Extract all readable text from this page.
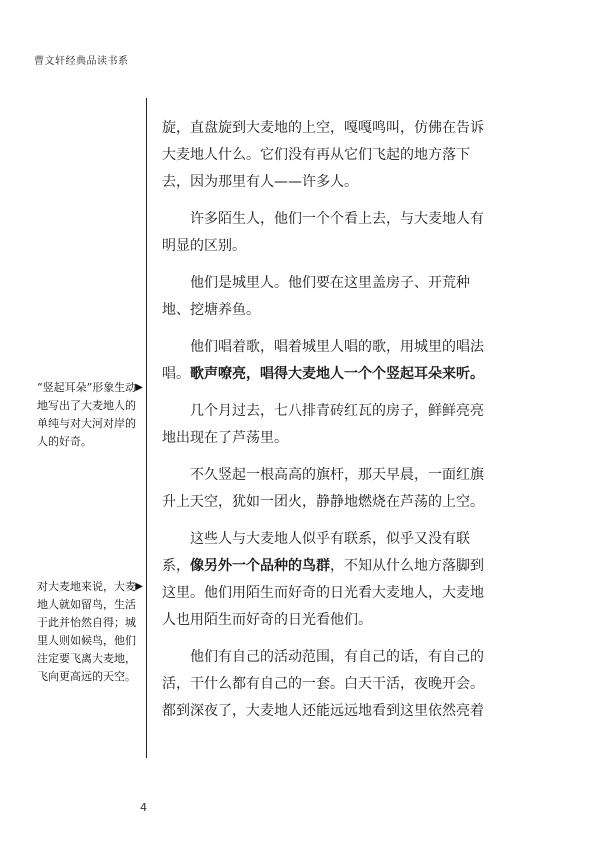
曹文轩经典品读书系
“竖起耳朵”形象生动地写出了大麦地人的单纯与对大河对岸的人的好奇。
▶
对大麦地来说，大麦地人就如留鸟，生活于此并怡然自得；城里人则如候鸟，他们注定要飞离大麦地，飞向更高远的天空。
▶

旋，直盘旋到大麦地的上空，嘎嘎鸣叫，仿佛在告诉大麦地人什么。它们没有再从它们飞起的地方落下去，因为那里有人——许多人。

许多陌生人，他们一个个看上去，与大麦地人有明显的区别。

他们是城里人。他们要在这里盖房子、开荒种地、挖塘养鱼。

他们唱着歌，唱着城里人唱的歌，用城里的唱法唱。歌声嘹亮，唱得大麦地人一个个竖起耳朵来听。

几个月过去，七八排青砖红瓦的房子，鲜鲜亮亮地出现在了芦荡里。

不久竖起一根高高的旗杆，那天早晨，一面红旗升上天空，犹如一团火，静静地燃烧在芦荡的上空。

这些人与大麦地人似乎有联系，似乎又没有联系，像另外一个品种的鸟群，不知从什么地方落脚到这里。他们用陌生而好奇的日光看大麦地人，大麦地人也用陌生而好奇的日光看他们。

他们有自己的活动范围，有自己的话，有自己的活，干什么都有自己的一套。白天干活，夜晚开会。都到深夜了，大麦地人还能远远地看到这里依然亮着

4
